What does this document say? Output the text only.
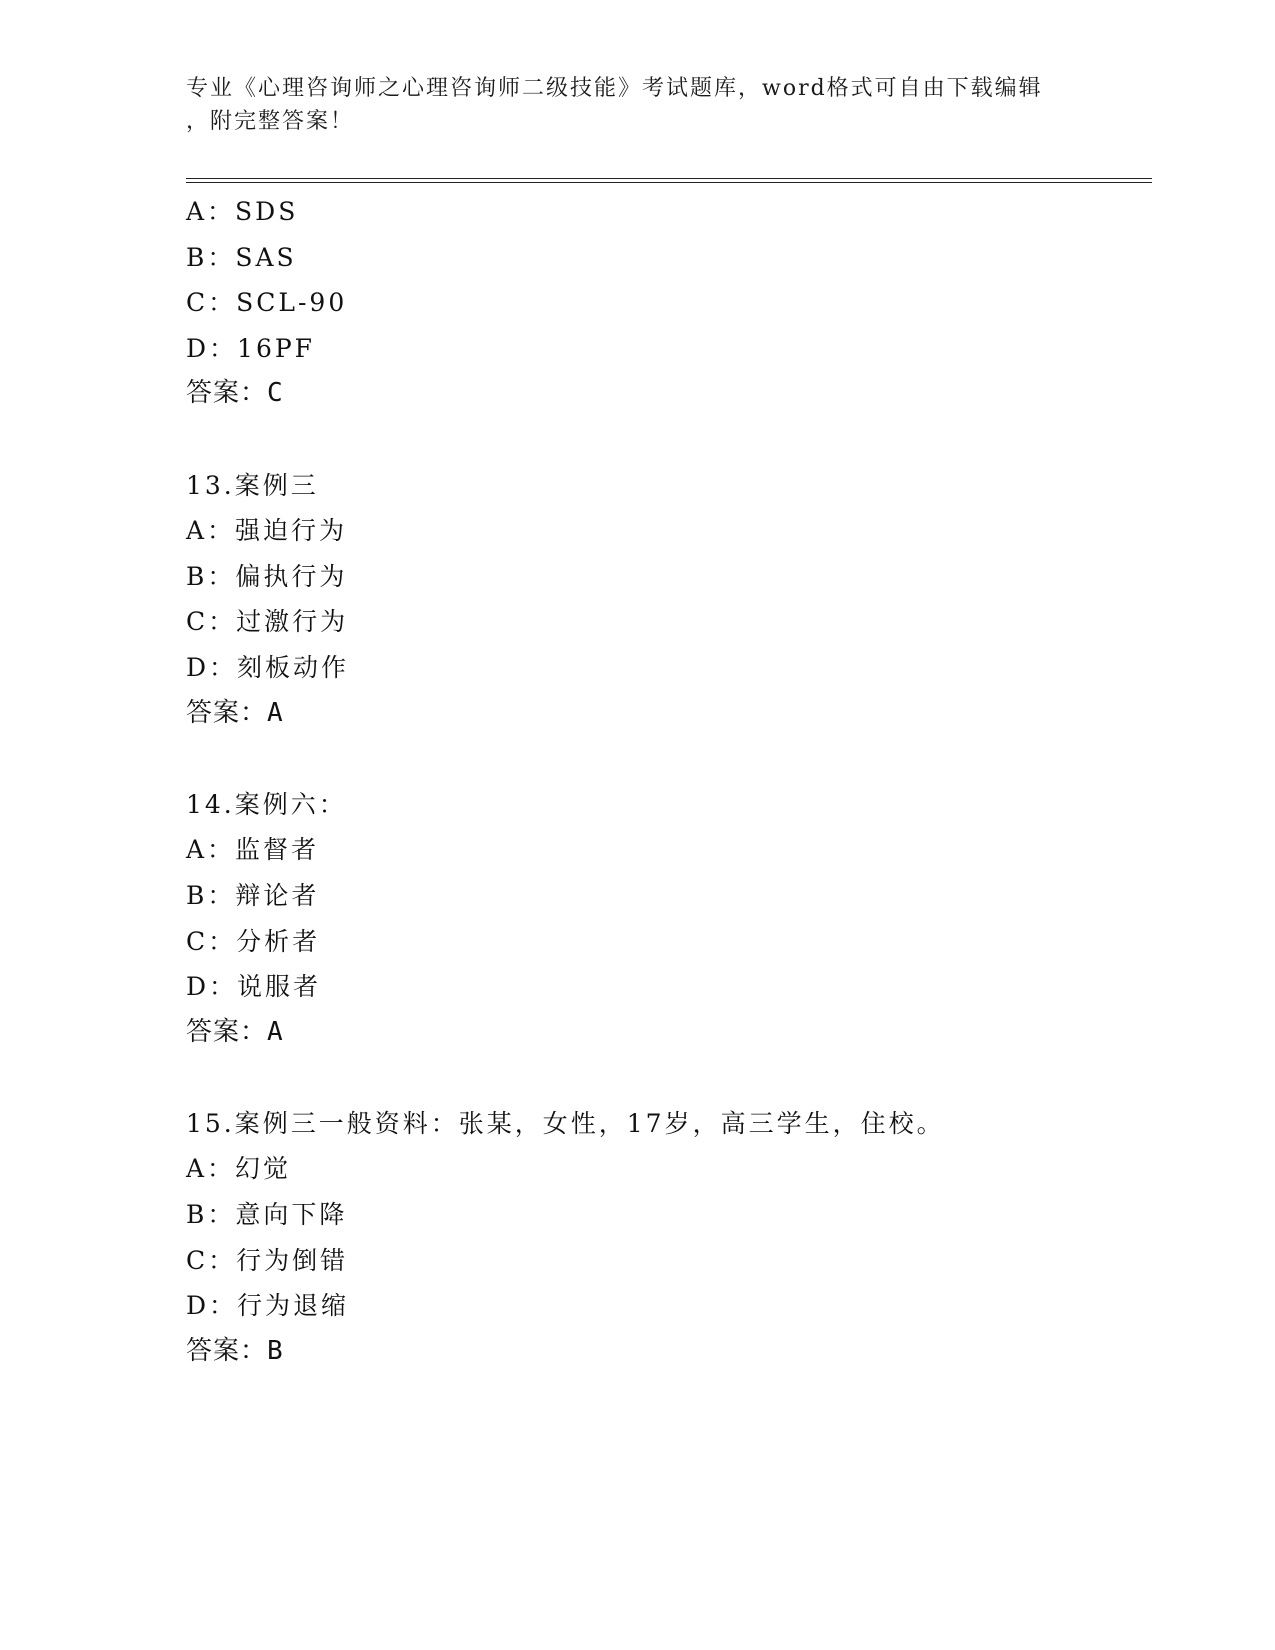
专业《心理咨询师之心理咨询师二级技能》考试题库，word格式可自由下载编辑
，附完整答案！
A：SDS
B：SAS
C：SCL-90
D：16PF
答案：C
13.案例三
A：强迫行为
B：偏执行为
C：过激行为
D：刻板动作
答案：A
14.案例六：
A：监督者
B：辩论者
C：分析者
D：说服者
答案：A
15.案例三一般资料：张某，女性，17岁，高三学生，住校。
A：幻觉
B：意向下降
C：行为倒错
D：行为退缩
答案：B
